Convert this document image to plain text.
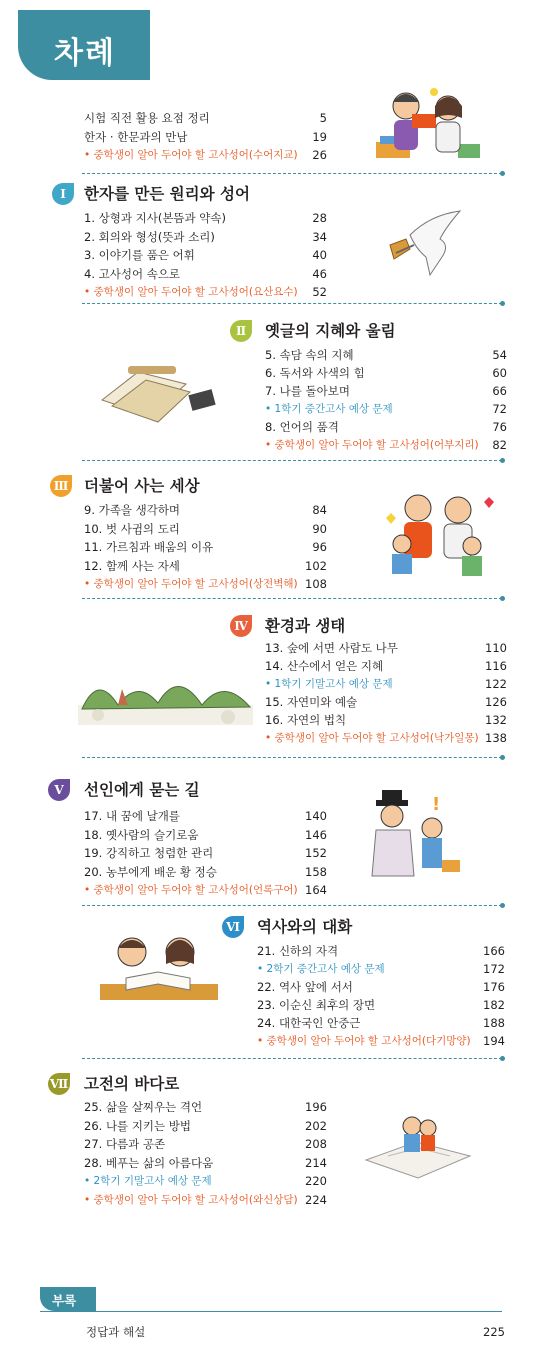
차례
시험 직전 활용 요점 정리	5
한자 · 한문과의 만남	19
• 중학생이 알아 두어야 할 고사성어(수어지교)	26
Ⅰ	한자를 만든 원리와 성어
1. 상형과 지사(본뜸과 약속)	28
2. 회의와 형성(뜻과 소리)	34
3. 이야기를 품은 어휘	40
4. 고사성어 속으로	46
• 중학생이 알아 두어야 할 고사성어(요산요수)	52
Ⅱ	옛글의 지혜와 울림
5. 속담 속의 지혜	54
6. 독서와 사색의 힘	60
7. 나를 돌아보며	66
• 1학기 중간고사 예상 문제	72
8. 언어의 품격	76
• 중학생이 알아 두어야 할 고사성어(어부지리)	82
Ⅲ 더불어 사는 세상
9. 가족을 생각하며	84
10. 벗 사귐의 도리	90
11. 가르침과 배움의 이유	96
12. 함께 사는 자세	102
• 중학생이 알아 두어야 할 고사성어(상전벽해) 108
Ⅳ 환경과 생태
13. 숲에 서면 사람도 나무	110
14. 산수에서 얻은 지혜	116
• 1학기 기말고사 예상 문제	122
15. 자연미와 예술	126
16. 자연의 법칙	132
• 중학생이 알아 두어야 할 고사성어(낙가일몽) 138
Ⅴ	선인에게 묻는 길
17. 내 꿈에 날개를	140
18. 옛사람의 슬기로움	146
19. 강직하고 청렴한 관리	152
20. 농부에게 배운 황 정승	158
• 중학생이 알아 두어야 할 고사성어(언록구어) 164
Ⅵ 역사와의 대화
21. 신하의 자격	166
• 2학기 중간고사 예상 문제	172
22. 역사 앞에 서서	176
23. 이순신 최후의 장면	182
24. 대한국인 안중근	188
• 중학생이 알아 두어야 할 고사성어(다기망양)	194
Ⅶ 고전의 바다로
25. 삶을 살찌우는 격언	196
26. 나를 지키는 방법	202
27. 다름과 공존	208
28. 베푸는 삶의 아름다움	214
• 2학기 기말고사 예상 문제	220
• 중학생이 알아 두어야 할 고사성어(와신상담) 224
정답과 해설	225
!
부록
